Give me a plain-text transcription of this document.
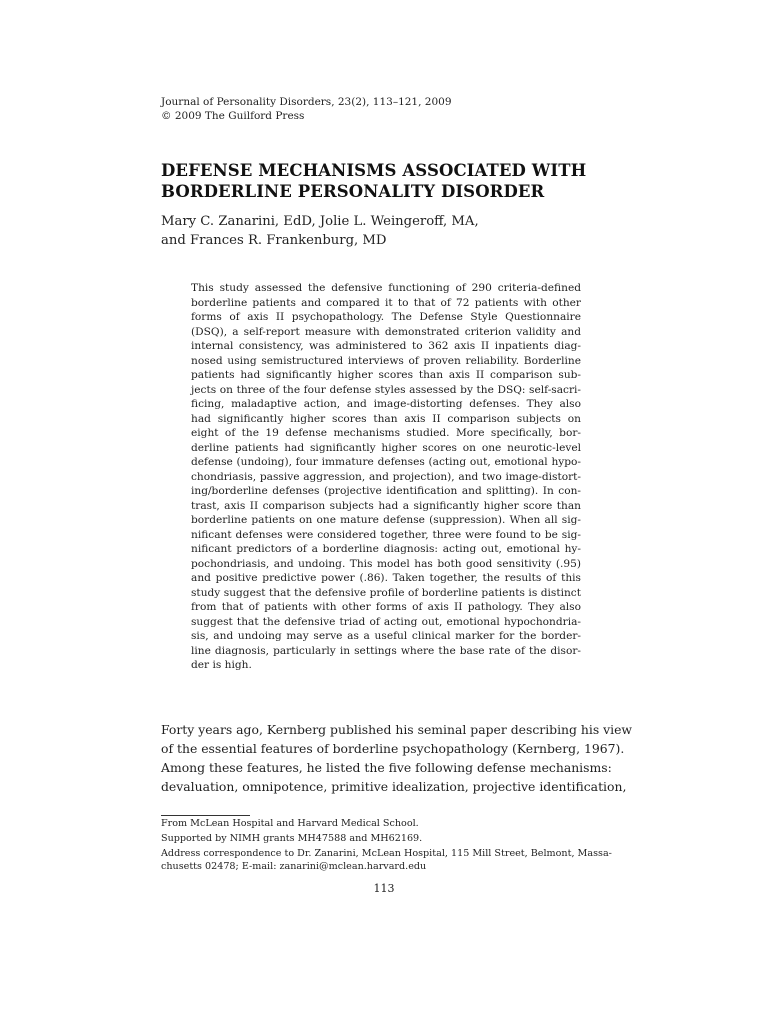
Journal of Personality Disorders, 23(2), 113–121, 2009
© 2009 The Guilford Press
DEFENSE MECHANISMS ASSOCIATED WITH
BORDERLINE PERSONALITY DISORDER
Mary C. Zanarini, EdD, Jolie L. Weingeroff, MA,
and Frances R. Frankenburg, MD
This study assessed the defensive functioning of 290 criteria-defined
borderline patients and compared it to that of 72 patients with other
forms of axis II psychopathology. The Defense Style Questionnaire
(DSQ), a self-report measure with demonstrated criterion validity and
internal consistency, was administered to 362 axis II inpatients diag-
nosed using semistructured interviews of proven reliability. Borderline
patients had significantly higher scores than axis II comparison sub-
jects on three of the four defense styles assessed by the DSQ: self-sacri-
ficing, maladaptive action, and image-distorting defenses. They also
had significantly higher scores than axis II comparison subjects on
eight of the 19 defense mechanisms studied. More specifically, bor-
derline patients had significantly higher scores on one neurotic-level
defense (undoing), four immature defenses (acting out, emotional hypo-
chondriasis, passive aggression, and projection), and two image-distort-
ing/borderline defenses (projective identification and splitting). In con-
trast, axis II comparison subjects had a significantly higher score than
borderline patients on one mature defense (suppression). When all sig-
nificant defenses were considered together, three were found to be sig-
nificant predictors of a borderline diagnosis: acting out, emotional hy-
pochondriasis, and undoing. This model has both good sensitivity (.95)
and positive predictive power (.86). Taken together, the results of this
study suggest that the defensive profile of borderline patients is distinct
from that of patients with other forms of axis II pathology. They also
suggest that the defensive triad of acting out, emotional hypochondria-
sis, and undoing may serve as a useful clinical marker for the border-
line diagnosis, particularly in settings where the base rate of the disor-
der is high.
Forty years ago, Kernberg published his seminal paper describing his view
of the essential features of borderline psychopathology (Kernberg, 1967).
Among these features, he listed the five following defense mechanisms:
devaluation, omnipotence, primitive idealization, projective identification,
From McLean Hospital and Harvard Medical School.
Supported by NIMH grants MH47588 and MH62169.
Address correspondence to Dr. Zanarini, McLean Hospital, 115 Mill Street, Belmont, Massa-
chusetts 02478; E-mail: zanarini@mclean.harvard.edu
113
